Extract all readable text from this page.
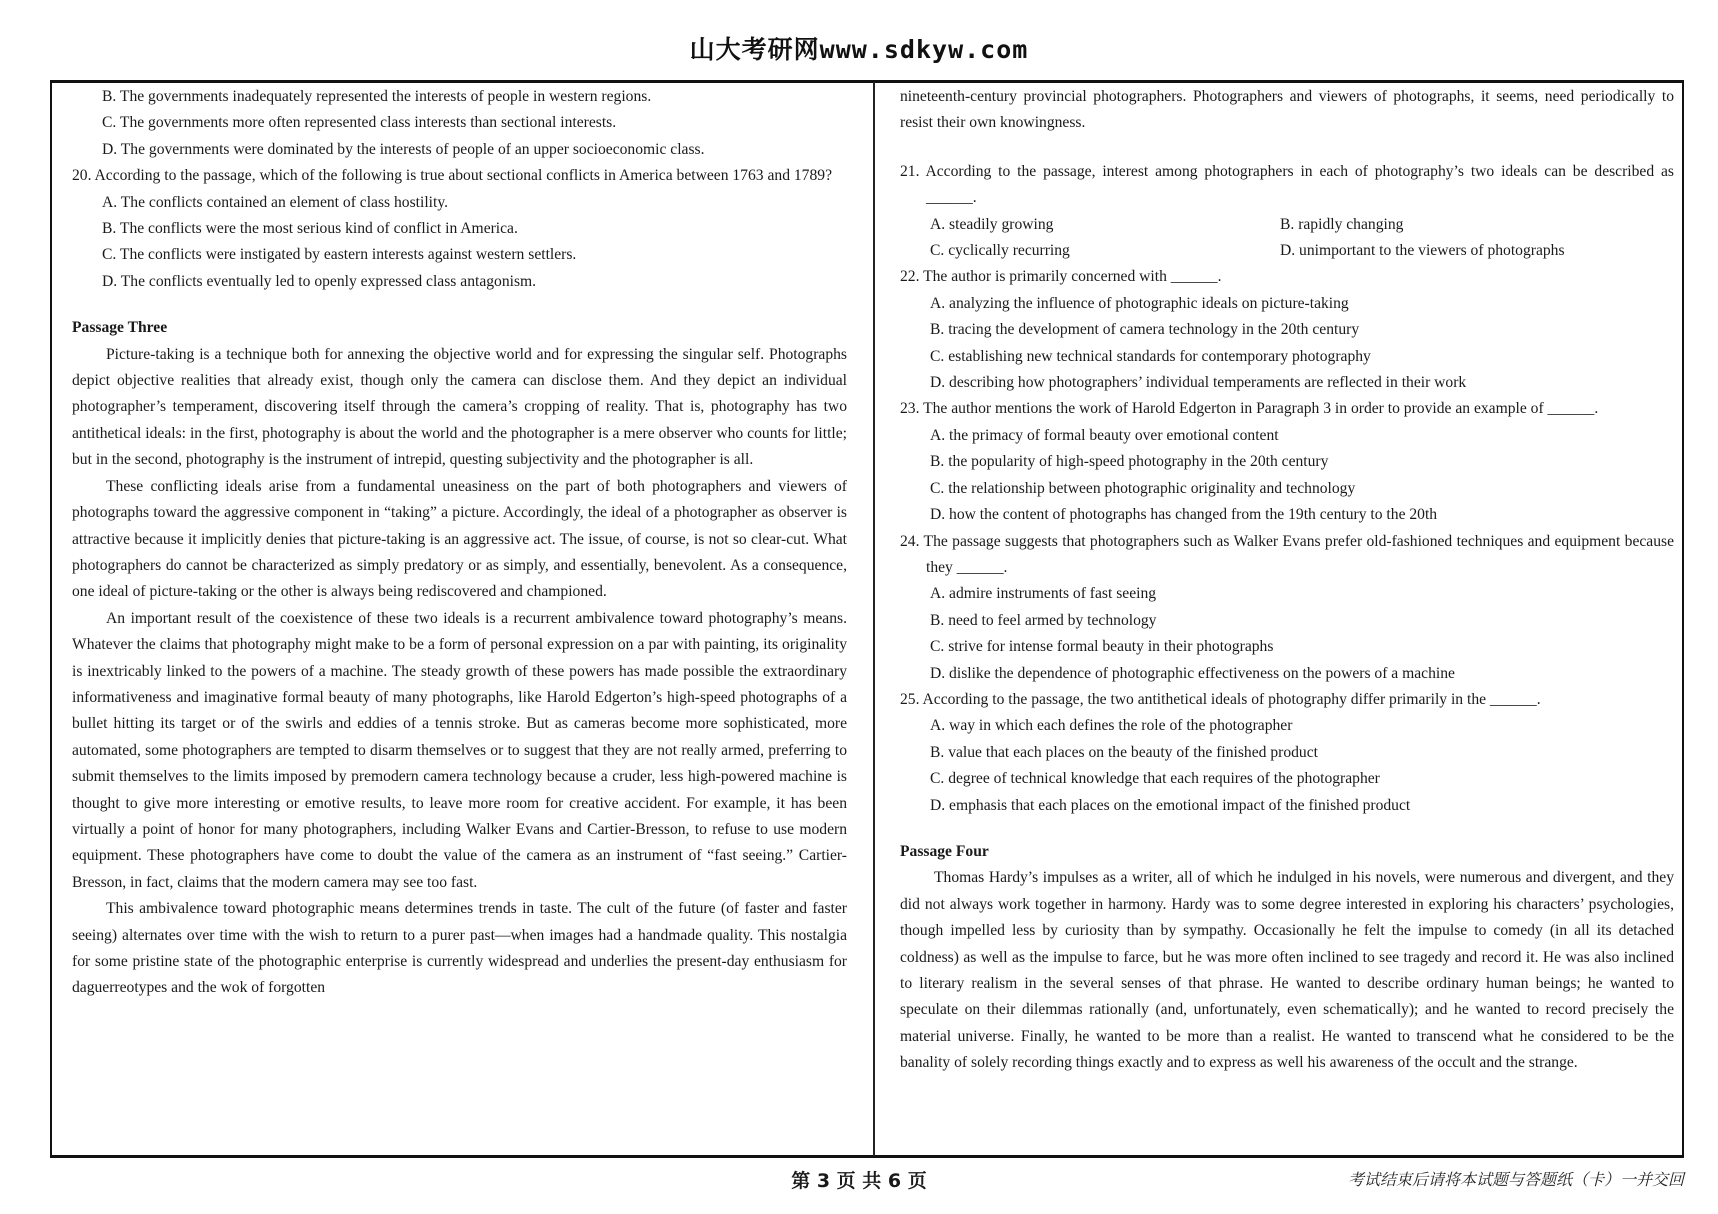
山大考研网www.sdkyw.com

B. The governments inadequately represented the interests of people in western regions.

C. The governments more often represented class interests than sectional interests.

D. The governments were dominated by the interests of people of an upper socioeconomic class.

20. According to the passage, which of the following is true about sectional conflicts in America between 1763 and 1789?

A. The conflicts contained an element of class hostility.

B. The conflicts were the most serious kind of conflict in America.

C. The conflicts were instigated by eastern interests against western settlers.

D. The conflicts eventually led to openly expressed class antagonism.

Passage Three

Picture-taking is a technique both for annexing the objective world and for expressing the singular self. Photographs depict objective realities that already exist, though only the camera can disclose them. And they depict an individual photographer’s temperament, discovering itself through the camera’s cropping of reality. That is, photography has two antithetical ideals: in the first, photography is about the world and the photographer is a mere observer who counts for little; but in the second, photography is the instrument of intrepid, questing subjectivity and the photographer is all.

These conflicting ideals arise from a fundamental uneasiness on the part of both photographers and viewers of photographs toward the aggressive component in “taking” a picture. Accordingly, the ideal of a photographer as observer is attractive because it implicitly denies that picture-taking is an aggressive act. The issue, of course, is not so clear-cut. What photographers do cannot be characterized as simply predatory or as simply, and essentially, benevolent. As a consequence, one ideal of picture-taking or the other is always being rediscovered and championed.

An important result of the coexistence of these two ideals is a recurrent ambivalence toward photography’s means. Whatever the claims that photography might make to be a form of personal expression on a par with painting, its originality is inextricably linked to the powers of a machine. The steady growth of these powers has made possible the extraordinary informativeness and imaginative formal beauty of many photographs, like Harold Edgerton’s high-speed photographs of a bullet hitting its target or of the swirls and eddies of a tennis stroke. But as cameras become more sophisticated, more automated, some photographers are tempted to disarm themselves or to suggest that they are not really armed, preferring to submit themselves to the limits imposed by premodern camera technology because a cruder, less high-powered machine is thought to give more interesting or emotive results, to leave more room for creative accident. For example, it has been virtually a point of honor for many photographers, including Walker Evans and Cartier-Bresson, to refuse to use modern equipment. These photographers have come to doubt the value of the camera as an instrument of “fast seeing.” Cartier-Bresson, in fact, claims that the modern camera may see too fast.

This ambivalence toward photographic means determines trends in taste. The cult of the future (of faster and faster seeing) alternates over time with the wish to return to a purer past—when images had a handmade quality. This nostalgia for some pristine state of the photographic enterprise is currently widespread and underlies the present-day enthusiasm for daguerreotypes and the wok of forgotten

nineteenth-century provincial photographers. Photographers and viewers of photographs, it seems, need periodically to resist their own knowingness.

21. According to the passage, interest among photographers in each of photography’s two ideals can be described as ______.

A. steadily growing	B. rapidly changing
C. cyclically recurring	D. unimportant to the viewers of photographs

22. The author is primarily concerned with ______.

A. analyzing the influence of photographic ideals on picture-taking

B. tracing the development of camera technology in the 20th century

C. establishing new technical standards for contemporary photography

D. describing how photographers’ individual temperaments are reflected in their work

23. The author mentions the work of Harold Edgerton in Paragraph 3 in order to provide an example of ______.

A. the primacy of formal beauty over emotional content

B. the popularity of high-speed photography in the 20th century

C. the relationship between photographic originality and technology

D. how the content of photographs has changed from the 19th century to the 20th

24. The passage suggests that photographers such as Walker Evans prefer old-fashioned techniques and equipment because they ______.

A. admire instruments of fast seeing

B. need to feel armed by technology

C. strive for intense formal beauty in their photographs

D. dislike the dependence of photographic effectiveness on the powers of a machine

25. According to the passage, the two antithetical ideals of photography differ primarily in the ______.

A. way in which each defines the role of the photographer

B. value that each places on the beauty of the finished product

C. degree of technical knowledge that each requires of the photographer

D. emphasis that each places on the emotional impact of the finished product

Passage Four

Thomas Hardy’s impulses as a writer, all of which he indulged in his novels, were numerous and divergent, and they did not always work together in harmony. Hardy was to some degree interested in exploring his characters’ psychologies, though impelled less by curiosity than by sympathy. Occasionally he felt the impulse to comedy (in all its detached coldness) as well as the impulse to farce, but he was more often inclined to see tragedy and record it. He was also inclined to literary realism in the several senses of that phrase. He wanted to describe ordinary human beings; he wanted to speculate on their dilemmas rationally (and, unfortunately, even schematically); and he wanted to record precisely the material universe. Finally, he wanted to be more than a realist. He wanted to transcend what he considered to be the banality of solely recording things exactly and to express as well his awareness of the occult and the strange.

第 3 页 共 6 页	考试结束后请将本试题与答题纸（卡）一并交回
